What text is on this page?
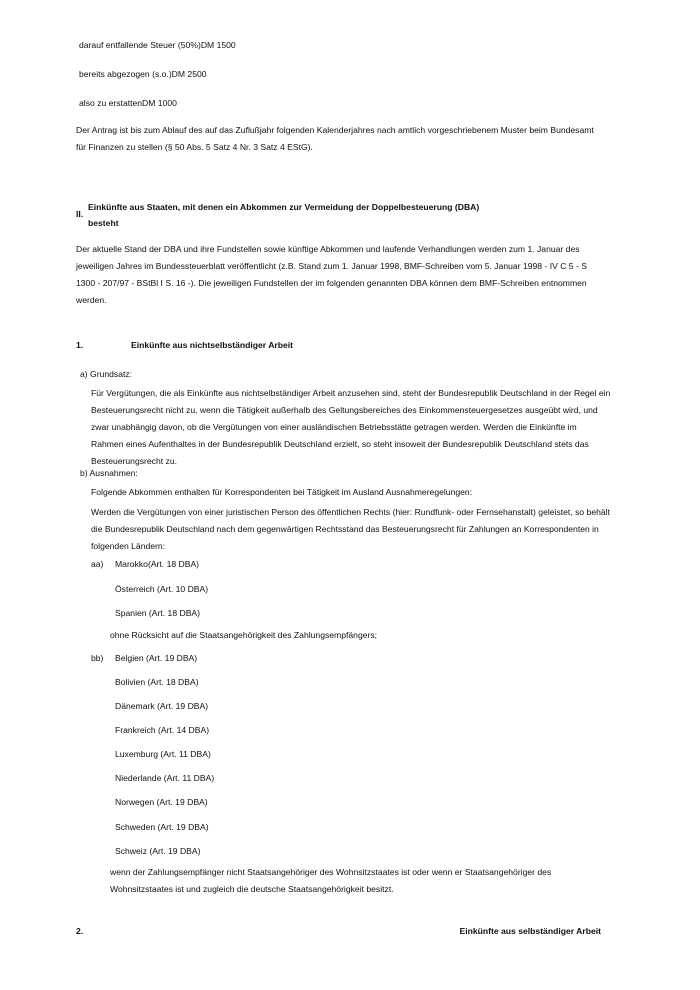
darauf entfallende Steuer (50%)DM 1500
bereits abgezogen (s.o.)DM 2500
also zu erstattenDM 1000
Der Antrag ist bis zum Ablauf des auf das Zuflußjahr folgenden Kalenderjahres nach amtlich vorgeschriebenem Muster beim Bundesamt für Finanzen zu stellen (§ 50 Abs. 5 Satz 4 Nr. 3 Satz 4 EStG).
II.
Einkünfte aus Staaten, mit denen ein Abkommen zur Vermeidung der Doppelbesteuerung (DBA)
besteht
Der aktuelle Stand der DBA und ihre Fundstellen sowie künftige Abkommen und laufende Verhandlungen werden zum 1. Januar des jeweiligen Jahres im Bundessteuerblatt veröffentlicht (z.B. Stand zum 1. Januar 1998, BMF-Schreiben vom 5. Januar 1998 - IV C 5 - S 1300 - 207/97 - BStBl I S. 16 -). Die jeweiligen Fundstellen der im folgenden genannten DBA können dem BMF-Schreiben entnommen werden.
1.	Einkünfte aus nichtselbständiger Arbeit
a) Grundsatz:
Für Vergütungen, die als Einkünfte aus nichtselbständiger Arbeit anzusehen sind, steht der Bundesrepublik Deutschland in der Regel ein Besteuerungsrecht nicht zu, wenn die Tätigkeit außerhalb des Geltungsbereiches des Einkommensteuergesetzes ausgeübt wird, und zwar unabhängig davon, ob die Vergütungen von einer ausländischen Betriebsstätte getragen werden. Werden die Einkünfte im Rahmen eines Aufenthaltes in der Bundesrepublik Deutschland erzielt, so steht insoweit der Bundesrepublik Deutschland stets das Besteuerungsrecht zu.
b) Ausnahmen:
Folgende Abkommen enthalten für Korrespondenten bei Tätigkeit im Ausland Ausnahmeregelungen:
Werden die Vergütungen von einer juristischen Person des öffentlichen Rechts (hier: Rundfunk- oder Fernsehanstalt) geleistet, so behält die Bundesrepublik Deutschland nach dem gegenwärtigen Rechtsstand das Besteuerungsrecht für Zahlungen an Korrespondenten in folgenden Ländern:
aa) Marokko(Art. 18 DBA)
Österreich (Art. 10 DBA)
Spanien (Art. 18 DBA)
ohne Rücksicht auf die Staatsangehörigkeit des Zahlungsempfängers;
bb) Belgien (Art. 19 DBA)
Bolivien (Art. 18 DBA)
Dänemark (Art. 19 DBA)
Frankreich (Art. 14 DBA)
Luxemburg (Art. 11 DBA)
Niederlande (Art. 11 DBA)
Norwegen (Art. 19 DBA)
Schweden (Art. 19 DBA)
Schweiz (Art. 19 DBA)
wenn der Zahlungsempfänger nicht Staatsangehöriger des Wohnsitzstaates ist oder wenn er Staatsangehöriger des Wohnsitzstaates ist und zugleich die deutsche Staatsangehörigkeit besitzt.
2.	Einkünfte aus selbständiger Arbeit
